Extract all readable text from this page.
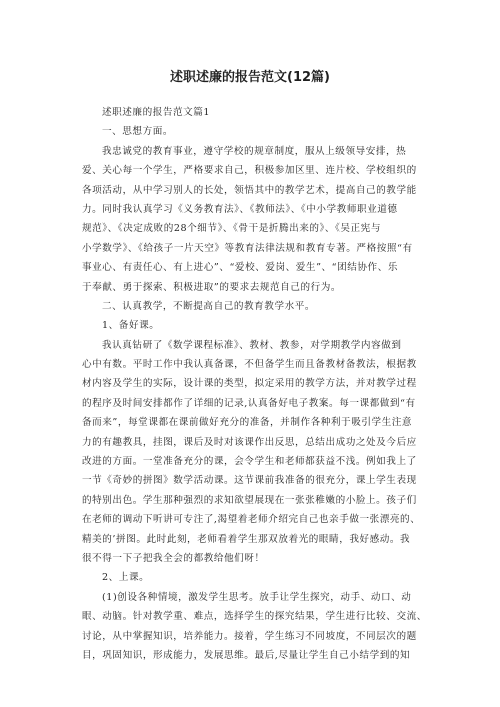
述职述廉的报告范文(12篇)
述职述廉的报告范文篇1
一、思想方面。
我忠诚党的教育事业，遵守学校的规章制度，服从上级领导安排，热
爱、关心每一个学生，严格要求自己，积极参加区里、连片校、学校组织的
各项活动，从中学习别人的长处，领悟其中的教学艺术，提高自己的教学能
力。同时我认真学习《义务教育法》、《教师法》、《中小学教师职业道德
规范》、《决定成败的28个细节》、《骨干是折腾出来的》、《吴正宪与
小学数学》、《给孩子一片天空》等教育法律法规和教育专著。严格按照“有
事业心、有责任心、有上进心”、“爱校、爱岗、爱生”、“团结协作、乐
于奉献、勇于探索、积极进取”的要求去规范自己的行为。
二、认真教学，不断提高自己的教育教学水平。
1、备好课。
我认真钻研了《数学课程标准》、教材、教参，对学期教学内容做到
心中有数。平时工作中我认真备课，不但备学生而且备教材备教法，根据教
材内容及学生的实际，设计课的类型，拟定采用的教学方法，并对教学过程
的程序及时间安排都作了详细的记录,认真备好电子教案。每一课都做到“有
备而来”，每堂课都在课前做好充分的准备，并制作各种利于吸引学生注意
力的有趣教具，挂图，课后及时对该课作出反思，总结出成功之处及今后应
改进的方面。一堂准备充分的课，会令学生和老师都获益不浅。例如我上了
一节《奇妙的拼图》数学活动课。这节课前我准备的很充分，课上学生表现
的特别出色。学生那种强烈的求知欲望展现在一张张稚嫩的小脸上。孩子们
在老师的调动下听讲可专注了,渴望着老师介绍完自己也亲手做一张漂亮的、
精美的’拼图。此时此刻，老师看着学生那双放着光的眼睛，我好感动。我
很不得一下子把我全会的都教给他们呀！
2、上课。
(1)创设各种情境，激发学生思考。放手让学生探究，动手、动口、动
眼、动脑。针对教学重、难点，选择学生的探究结果，学生进行比较、交流、
讨论，从中掌握知识，培养能力。接着，学生练习不同坡度，不同层次的题
目，巩固知识，形成能力，发展思维。最后,尽量让学生自己小结学到的知
